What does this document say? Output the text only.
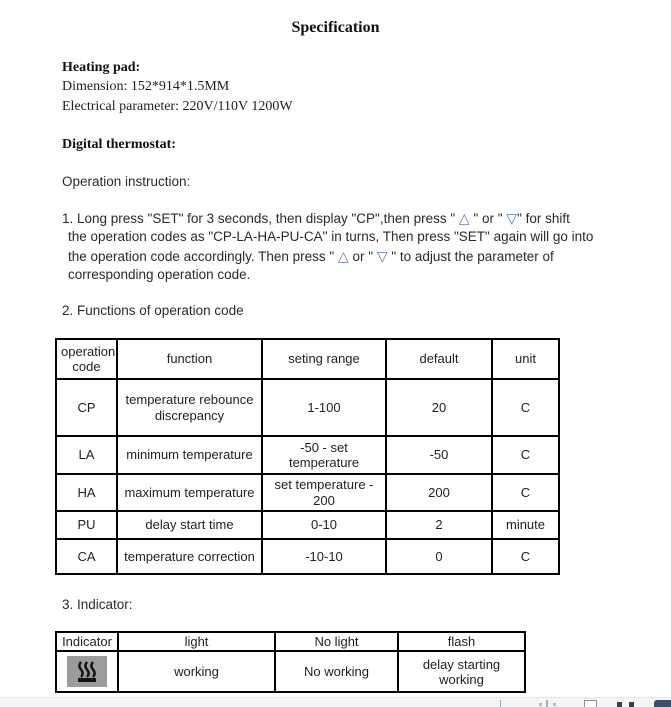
Specification
Heating pad:
Dimension: 152*914*1.5MM
Electrical parameter: 220V/110V 1200W
Digital thermostat:
Operation instruction:
1. Long press "SET" for 3 seconds, then display "CP",then press " △ " or " ▽" for shift
the operation codes as "CP-LA-HA-PU-CA" in turns, Then press "SET" again will go into
the operation code accordingly. Then press " △ or " ▽ " to adjust the parameter of
corresponding operation code.
2. Functions of operation code
operation code	function	seting range	default	unit
CP	temperature rebounce discrepancy	1-100	20	C
LA	minimum temperature	-50 - set temperature	-50	C
HA	maximum temperature	set temperature - 200	200	C
PU	delay start time	0-10	2	minute
CA	temperature correction	-10-10	0	C
3. Indicator:
Indicator	light	No light	flash
	working	No working	delay starting working
